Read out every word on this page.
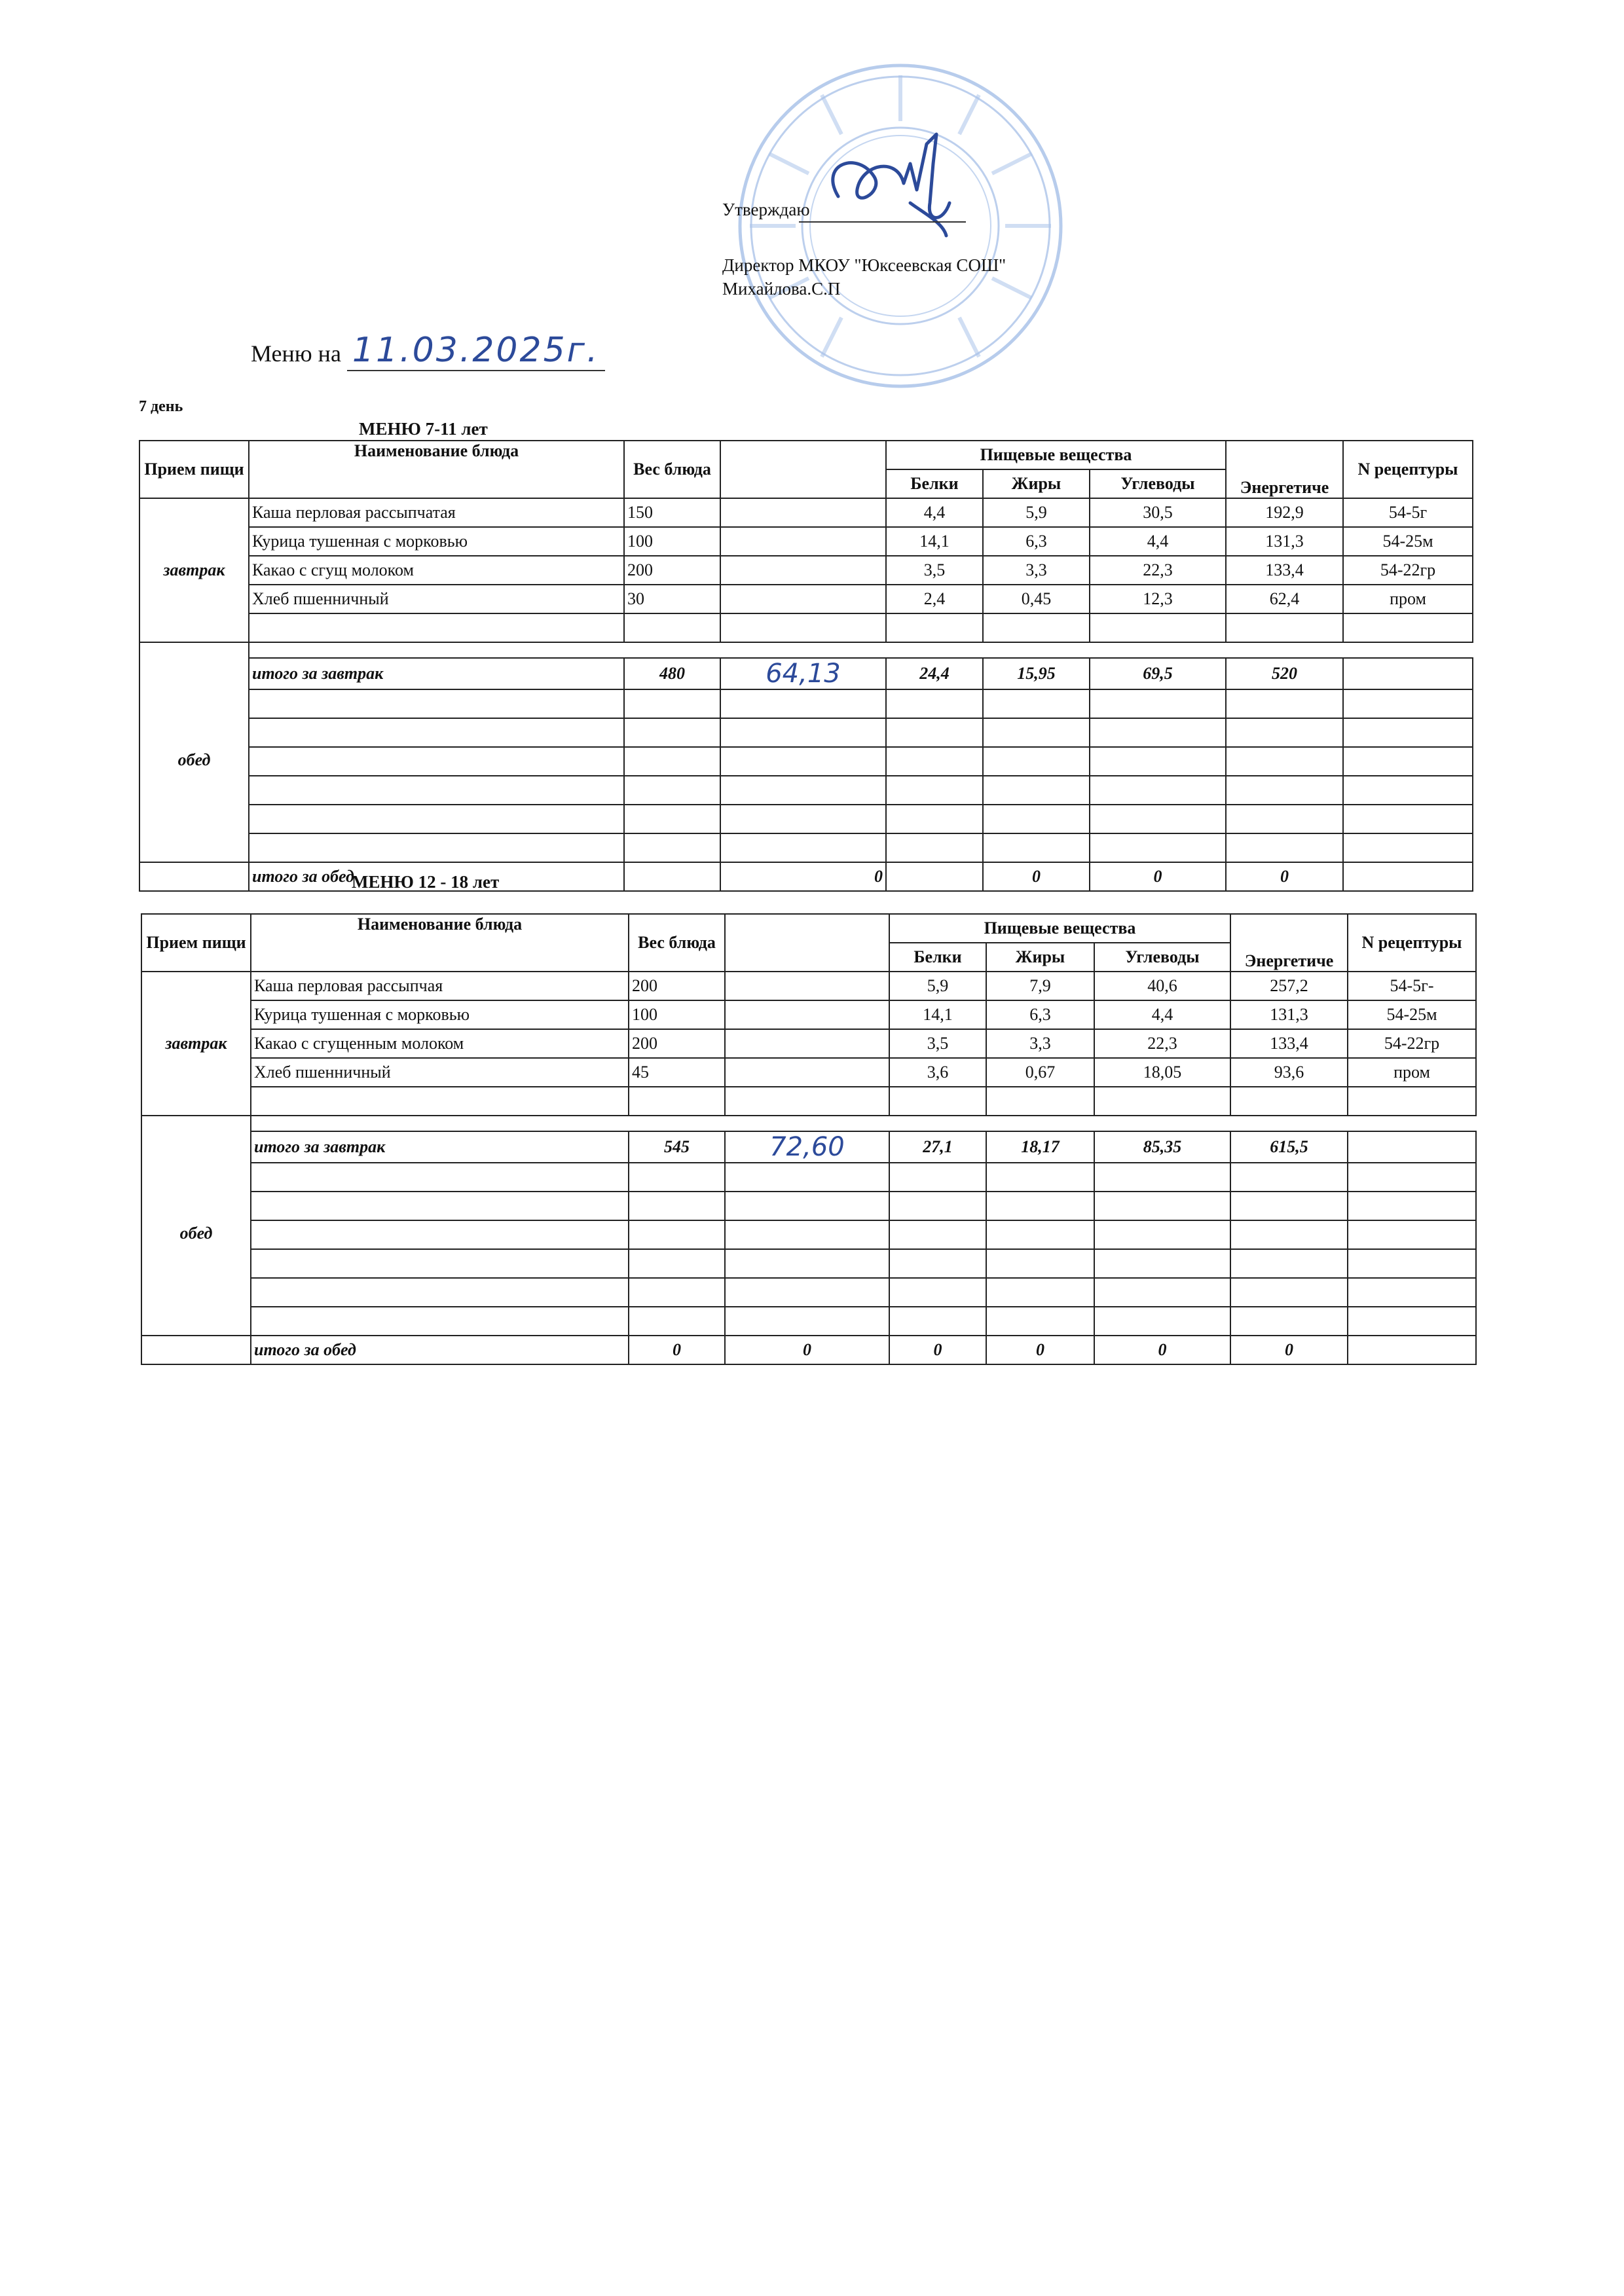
Утверждаю
Директор МКОУ "Юксеевская СОШ"
Михайлова.С.П
Меню на 11.03.2025г.
7 день
МЕНЮ 7-11 лет
Прием пищи	Наименование блюда	Вес блюда		Пищевые вещества			Энергетиче	N рецептуры
				Белки	Жиры	Углеводы		
завтрак	Каша перловая рассыпчатая	150		4,4	5,9	30,5	192,9	54-5г
	Курица тушенная с морковью	100		14,1	6,3	4,4	131,3	54-25м
	Какао с сгущ молоком	200		3,5	3,3	22,3	133,4	54-22гр
	Хлеб пшенничный	30		2,4	0,45	12,3	62,4	пром

обед	итого за завтрак	480	64,13	24,4	15,95	69,5	520	

	итого за обед		0		0	0	0	
МЕНЮ 12 - 18 лет
Прием пищи	Наименование блюда	Вес блюда		Пищевые вещества			Энергетиче	N рецептуры
				Белки	Жиры	Углеводы		
завтрак	Каша перловая рассыпчая	200		5,9	7,9	40,6	257,2	54-5г-
	Курица тушенная с морковью	100		14,1	6,3	4,4	131,3	54-25м
	Какао с сгущенным молоком	200		3,5	3,3	22,3	133,4	54-22гр
	Хлеб пшенничный	45		3,6	0,67	18,05	93,6	пром

обед	итого за завтрак	545	72,60	27,1	18,17	85,35	615,5	

	итого за обед	0	0	0	0	0	0	
